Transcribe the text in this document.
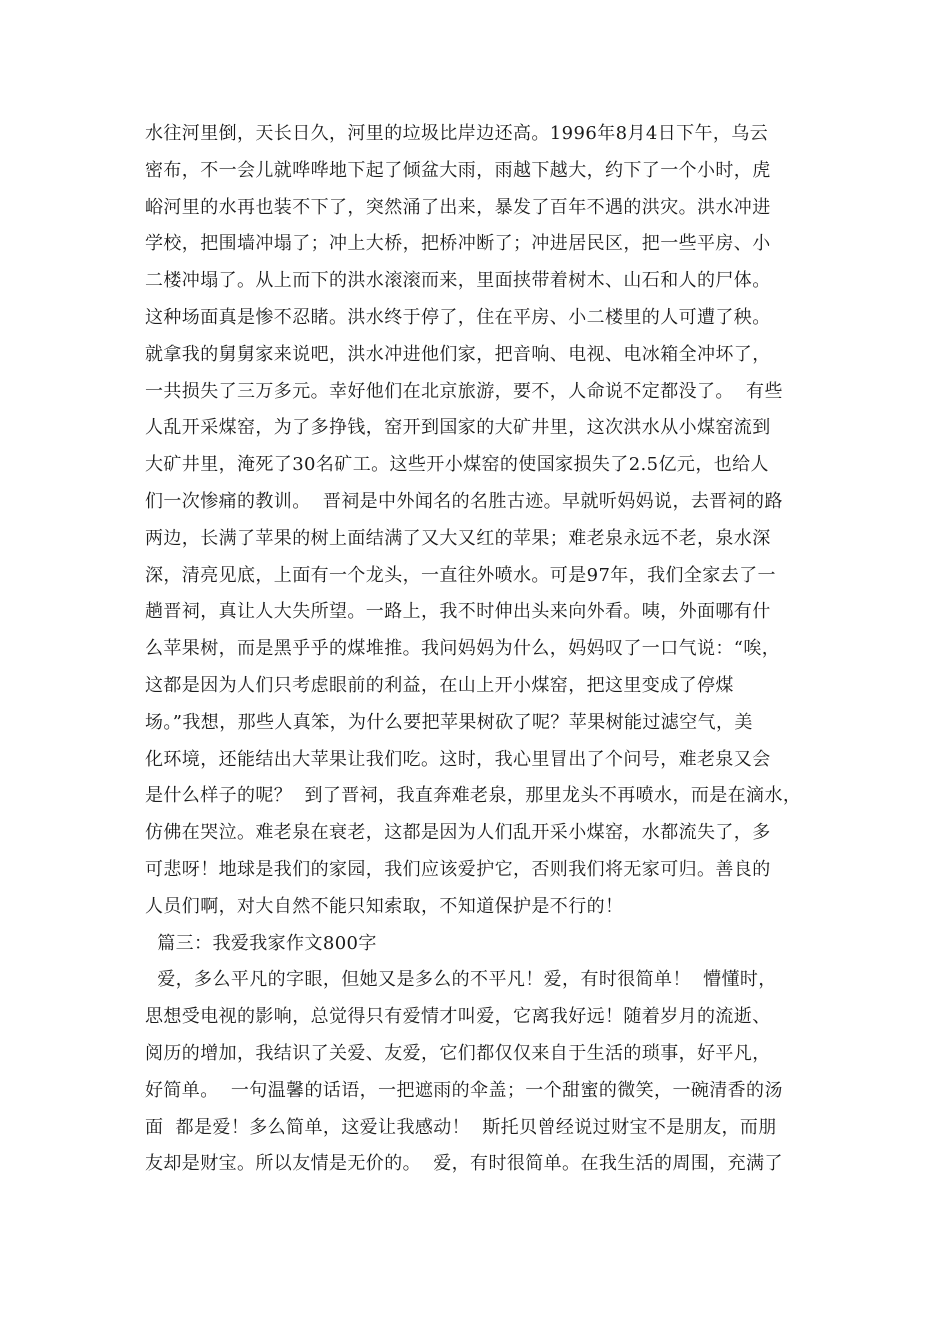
水往河里倒，天长日久，河里的垃圾比岸边还高。1996年8月4日下午，乌云
密布，不一会儿就哗哗地下起了倾盆大雨，雨越下越大，约下了一个小时，虎
峪河里的水再也装不下了，突然涌了出来，暴发了百年不遇的洪灾。洪水冲进
学校，把围墙冲塌了；冲上大桥，把桥冲断了；冲进居民区，把一些平房、小
二楼冲塌了。从上而下的洪水滚滚而来，里面挟带着树木、山石和人的尸体。
这种场面真是惨不忍睹。洪水终于停了，住在平房、小二楼里的人可遭了秧。
就拿我的舅舅家来说吧，洪水冲进他们家，把音响、电视、电冰箱全冲坏了，
一共损失了三万多元。幸好他们在北京旅游，要不，人命说不定都没了。  有些
人乱开采煤窑，为了多挣钱，窑开到国家的大矿井里，这次洪水从小煤窑流到
大矿井里，淹死了30名矿工。这些开小煤窑的使国家损失了2.5亿元，也给人
们一次惨痛的教训。  晋祠是中外闻名的名胜古迹。早就听妈妈说，去晋祠的路
两边，长满了苹果的树上面结满了又大又红的苹果；难老泉永远不老，泉水深
深，清亮见底，上面有一个龙头，一直往外喷水。可是97年，我们全家去了一
趟晋祠，真让人大失所望。一路上，我不时伸出头来向外看。咦，外面哪有什
么苹果树，而是黑乎乎的煤堆推。我问妈妈为什么，妈妈叹了一口气说：“唉，
这都是因为人们只考虑眼前的利益，在山上开小煤窑，把这里变成了停煤
场。”我想，那些人真笨，为什么要把苹果树砍了呢？苹果树能过滤空气，美
化环境，还能结出大苹果让我们吃。这时，我心里冒出了个问号，难老泉又会
是什么样子的呢？  到了晋祠，我直奔难老泉，那里龙头不再喷水，而是在滴水，
仿佛在哭泣。难老泉在衰老，这都是因为人们乱开采小煤窑，水都流失了，多
可悲呀！地球是我们的家园，我们应该爱护它，否则我们将无家可归。善良的
人员们啊，对大自然不能只知索取，不知道保护是不行的！
篇三：我爱我家作文800字
爱，多么平凡的字眼，但她又是多么的不平凡！爱，有时很简单！  懵懂时，
思想受电视的影响，总觉得只有爱情才叫爱，它离我好远！随着岁月的流逝、
阅历的增加，我结识了关爱、友爱，它们都仅仅来自于生活的琐事，好平凡，
好简单。  一句温馨的话语，一把遮雨的伞盖；一个甜蜜的微笑，一碗清香的汤
面  都是爱！多么简单，这爱让我感动！  斯托贝曾经说过财宝不是朋友，而朋
友却是财宝。所以友情是无价的。  爱，有时很简单。在我生活的周围，充满了
